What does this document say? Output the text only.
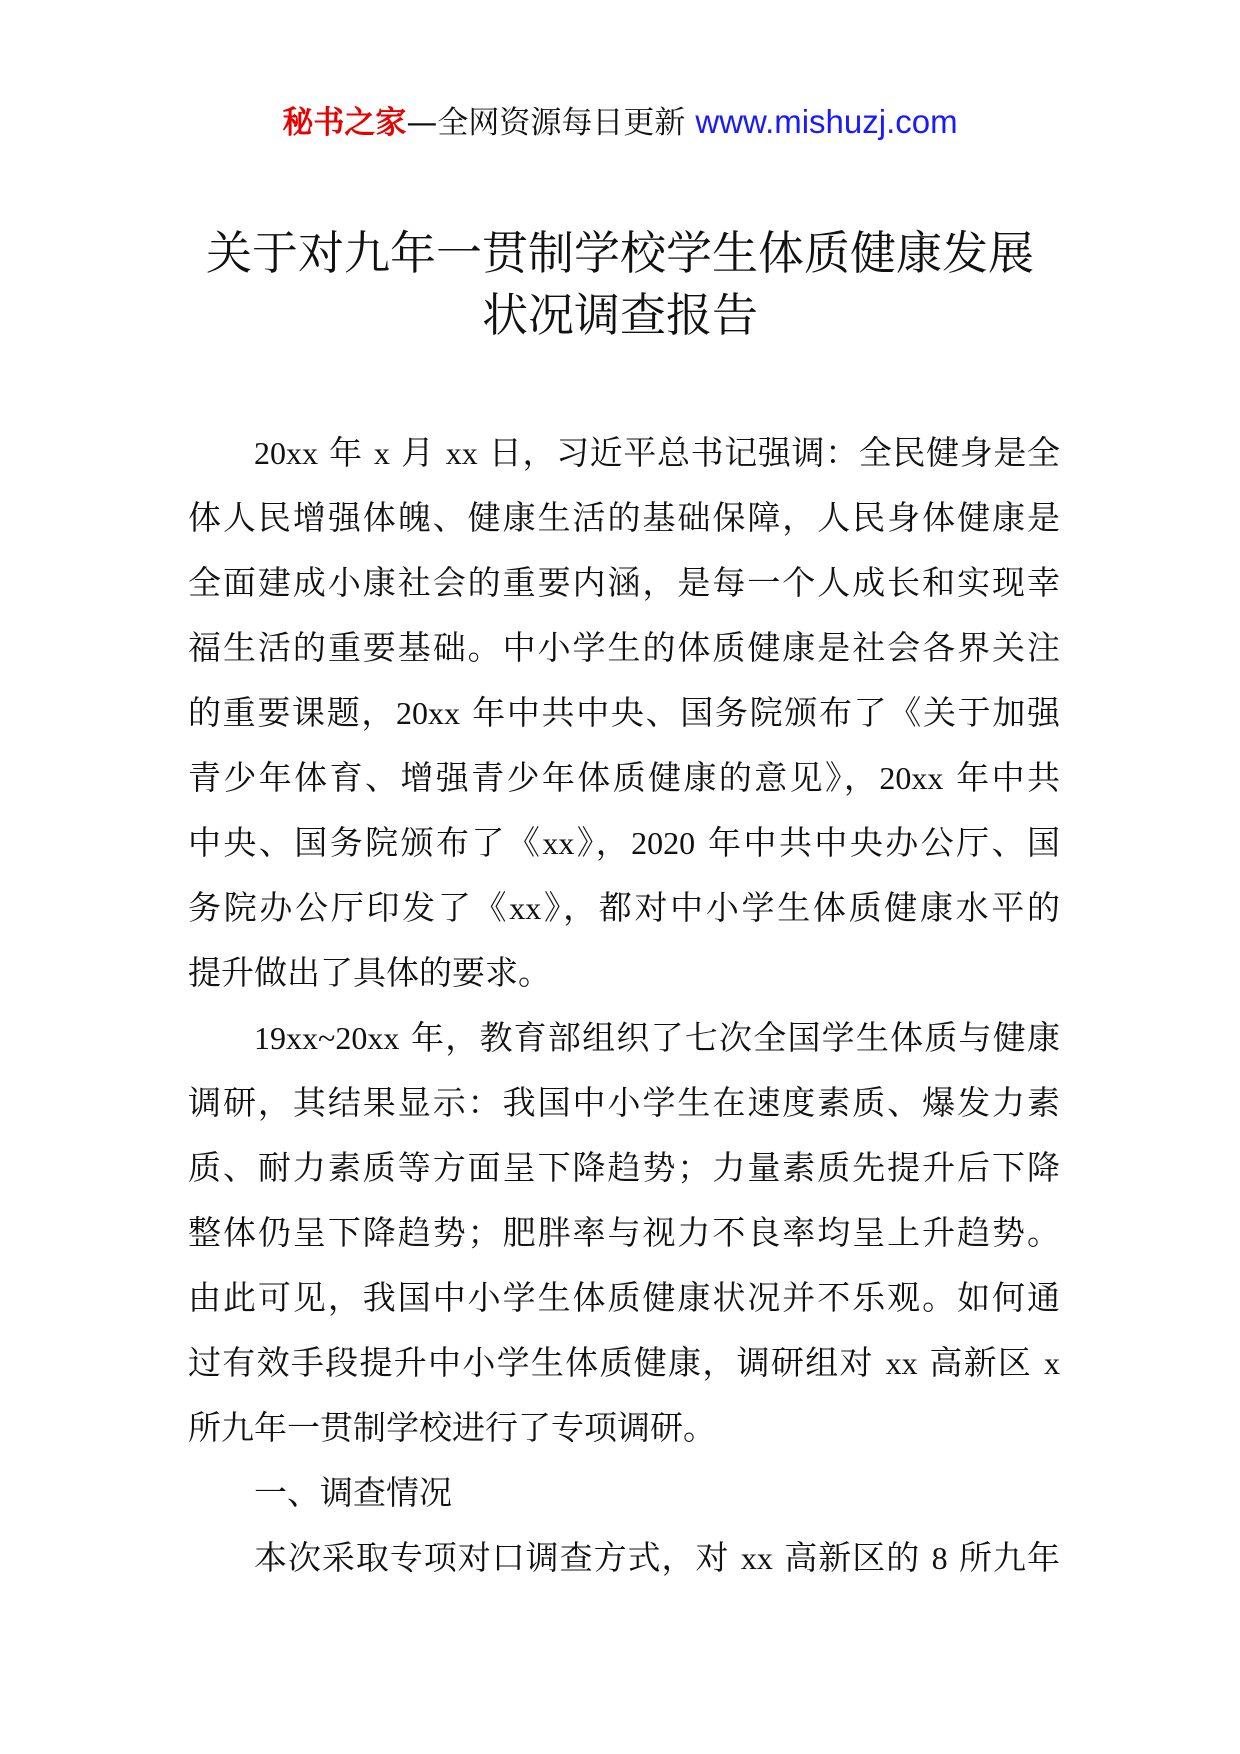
秘书之家—全网资源每日更新 www.mishuzj.com
关于对九年一贯制学校学生体质健康发展
状况调查报告
20xx 年 x 月 xx 日，习近平总书记强调：全民健身是全
体人民增强体魄、健康生活的基础保障，人民身体健康是
全面建成小康社会的重要内涵，是每一个人成长和实现幸
福生活的重要基础。中小学生的体质健康是社会各界关注
的重要课题，20xx 年中共中央、国务院颁布了《关于加强
青少年体育、增强青少年体质健康的意见》，20xx 年中共
中央、国务院颁布了《xx》，2020 年中共中央办公厅、国
务院办公厅印发了《xx》，都对中小学生体质健康水平的
提升做出了具体的要求。
19xx~20xx 年，教育部组织了七次全国学生体质与健康
调研，其结果显示：我国中小学生在速度素质、爆发力素
质、耐力素质等方面呈下降趋势；力量素质先提升后下降
整体仍呈下降趋势；肥胖率与视力不良率均呈上升趋势。
由此可见，我国中小学生体质健康状况并不乐观。如何通
过有效手段提升中小学生体质健康，调研组对 xx 高新区 x
所九年一贯制学校进行了专项调研。
一、调查情况
本次采取专项对口调查方式，对 xx 高新区的 8 所九年
